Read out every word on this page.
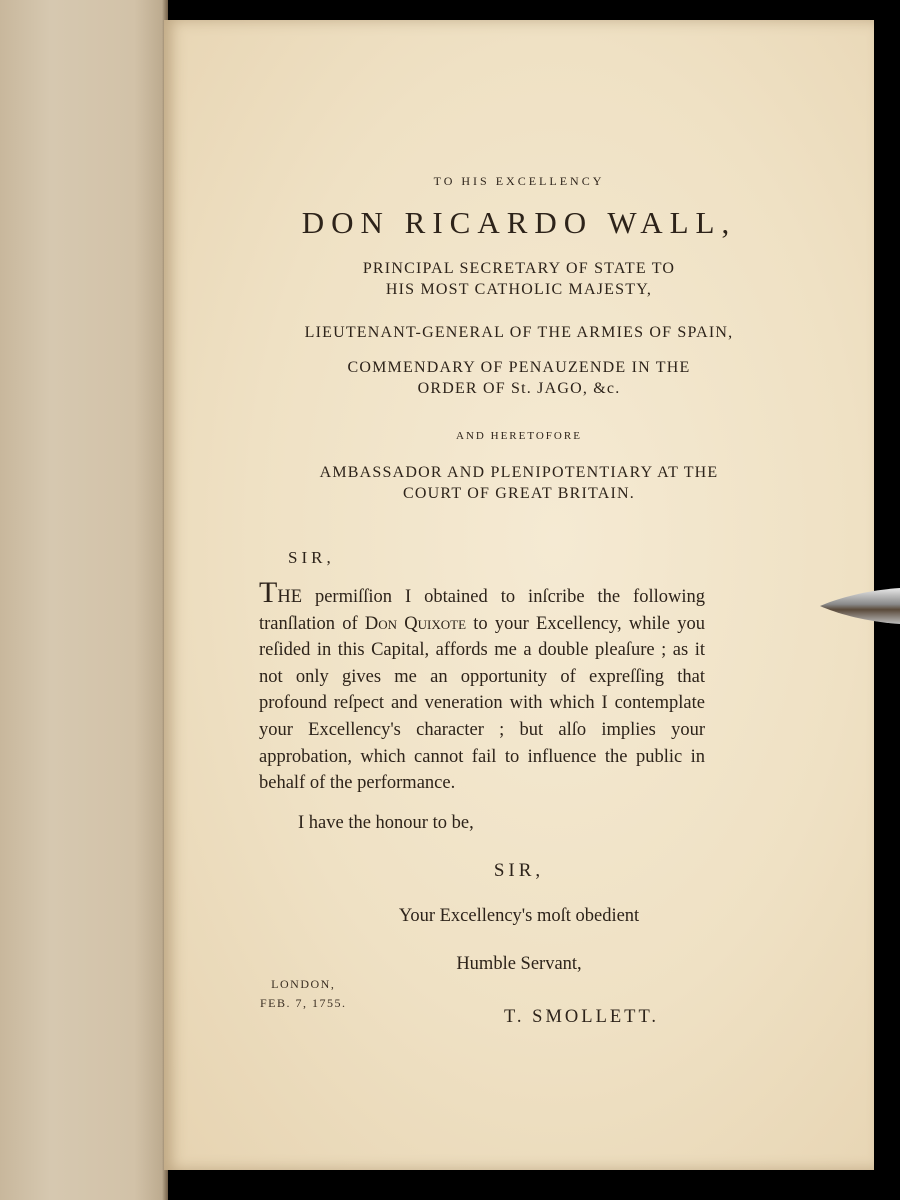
TO HIS EXCELLENCY
DON RICARDO WALL,
PRINCIPAL SECRETARY OF STATE TO
HIS MOST CATHOLIC MAJESTY,
LIEUTENANT-GENERAL OF THE ARMIES OF SPAIN,
COMMENDARY OF PENAUZENDE IN THE
ORDER OF St. JAGO, &c.
AND HERETOFORE
AMBASSADOR AND PLENIPOTENTIARY AT THE
COURT OF GREAT BRITAIN.
SIR,
THE permiſſion I obtained to inſcribe the following tranſlation of Don Quixote to your Excellency, while you reſided in this Capital, affords me a double pleaſure ; as it not only gives me an opportunity of expreſſing that profound reſpect and veneration with which I contemplate your Excellency's character ; but alſo implies your approbation, which cannot fail to influence the public in behalf of the performance.
I have the honour to be,
SIR,
Your Excellency's moſt obedient
Humble Servant,
LONDON,
FEB. 7, 1755.
T. SMOLLETT.
